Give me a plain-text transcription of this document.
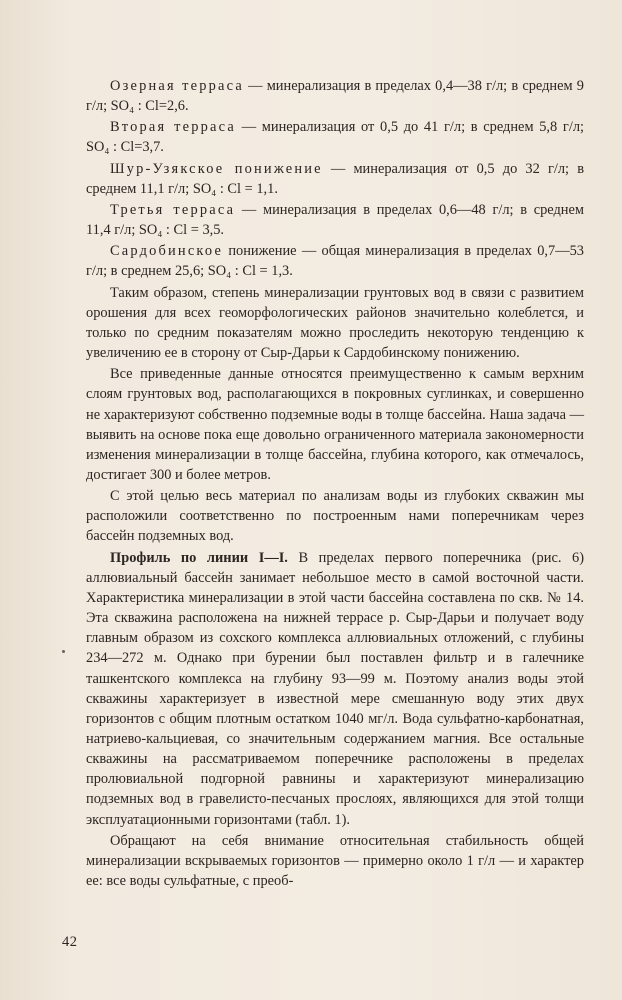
Озерная терраса — минерализация в пределах 0,4—38 г/л; в среднем 9 г/л; SO₄ : Cl=2,6.

Вторая терраса — минерализация от 0,5 до 41 г/л; в среднем 5,8 г/л; SO₄ : Cl=3,7.

Шур-Узякское понижение — минерализация от 0,5 до 32 г/л; в среднем 11,1 г/л; SO₄ : Cl = 1,1.

Третья терраса — минерализация в пределах 0,6—48 г/л; в среднем 11,4 г/л; SO₄ : Cl = 3,5.

Сардобинское понижение — общая минерализация в пределах 0,7—53 г/л; в среднем 25,6; SO₄ : Cl = 1,3.

Таким образом, степень минерализации грунтовых вод в связи с развитием орошения для всех геоморфологических районов значительно колеблется, и только по средним показателям можно проследить некоторую тенденцию к увеличению ее в сторону от Сыр-Дарьи к Сардобинскому понижению.

Все приведенные данные относятся преимущественно к самым верхним слоям грунтовых вод, располагающихся в покровных суглинках, и совершенно не характеризуют собственно подземные воды в толще бассейна. Наша задача — выявить на основе пока еще довольно ограниченного материала закономерности изменения минерализации в толще бассейна, глубина которого, как отмечалось, достигает 300 и более метров.

С этой целью весь материал по анализам воды из глубоких скважин мы расположили соответственно по построенным нами поперечникам через бассейн подземных вод.

Профиль по линии I—I. В пределах первого поперечника (рис. 6) аллювиальный бассейн занимает небольшое место в самой восточной части. Характеристика минерализации в этой части бассейна составлена по скв. № 14. Эта скважина расположена на нижней террасе р. Сыр-Дарьи и получает воду главным образом из сохского комплекса аллювиальных отложений, с глубины 234—272 м. Однако при бурении был поставлен фильтр и в галечнике ташкентского комплекса на глубину 93—99 м. Поэтому анализ воды этой скважины характеризует в известной мере смешанную воду этих двух горизонтов с общим плотным остатком 1040 мг/л. Вода сульфатно-карбонатная, натриево-кальциевая, со значительным содержанием магния. Все остальные скважины на рассматриваемом поперечнике расположены в пределах пролювиальной подгорной равнины и характеризуют минерализацию подземных вод в гравелисто-песчаных прослоях, являющихся для этой толщи эксплуатационными горизонтами (табл. 1).

Обращают на себя внимание относительная стабильность общей минерализации вскрываемых горизонтов — примерно около 1 г/л — и характер ее: все воды сульфатные, с преоб-

42
